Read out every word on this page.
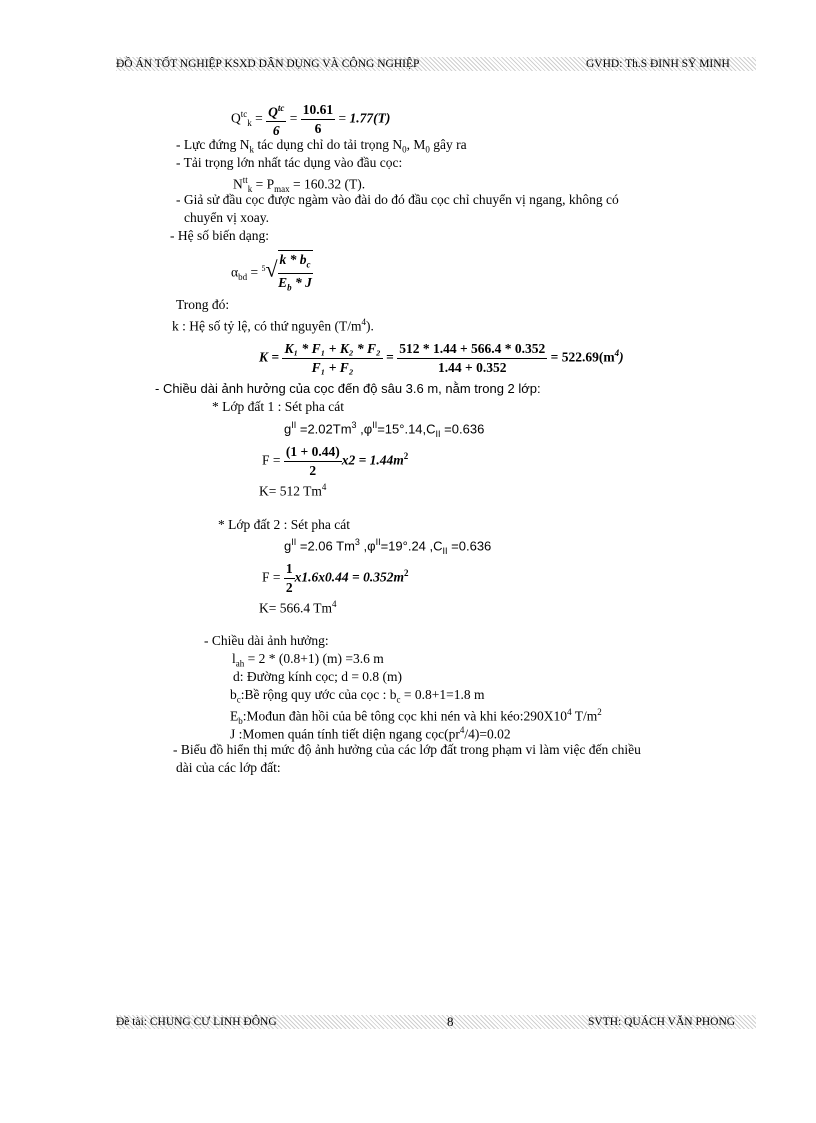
ĐỒ ÁN TỐT NGHIỆP KSXD DÂN DỤNG VÀ CÔNG NGHIỆP	GVHD: Th.S ĐINH SỸ MINH
$Q^{tc}_k = \frac{Q^{tc}}{6} = \frac{10.61}{6} = 1.77(T)$
- Lực đứng $N_k$ tác dụng chỉ do tải trọng $N_0$, $M_0$ gây ra
- Tải trọng lớn nhất tác dụng vào đầu cọc:
$N^{tt}_k = P_{max} = 160.32$ (T).
- Giả sử đầu cọc được ngàm vào đài do đó đầu cọc chỉ chuyển vị ngang, không có
chuyển vị xoay.
- Hệ số biến dạng:
$\alpha_{bd} = ^5√ \frac{k * b_c}{E_b * J}$
Trong đó:
k : Hệ số tỷ lệ, có thứ nguyên $(T/m^4)$.
$K = \frac{\text{K₁ * F₁ + K₂ * F₂}}{\text{F₁ + F₂}} = \frac{512 * 1.44 + 566.4 * 0.352}{1.44 + 0.352} = 522.69(m^4)$
- Chiều dài ảnh hưởng của cọc đến độ sâu 3.6 m, nằm trong 2 lớp:
* Lớp đất 1 : Sét pha cát
$g^{II} =2.02Tm^3$ $,\varphi^{II}=15^\circ.14,C_{II} =0.636$
$F = \frac{(1 + 0.44)}{2} x2 = 1.44m^2$
K= 512 Tm$^4$
* Lớp đất 2 : Sét pha cát
$g^{II} =2.06$ Tm$^3$ $,\varphi^{II}=19^\circ.24$ $,C_{II} =0.636$
$F = \frac{1}{2} x1.6x0.44 = 0.352m^2$
K= 566.4 Tm$^4$
- Chiều dài ảnh hưởng:
$l_{ah} = 2 * (0.8+1)$ (m) =3.6 m
d: Đường kính cọc; d = 0.8 (m)
$b_c:Bề$ rộng quy ước của cọc : $b_c = 0.8+1=1.8$ m
$E_b:Mođun$ đàn hồi của bê tông cọc khi nén và khi $kéo:290X10^4$ $T/m^2$
J :Momen quán tính tiết diện ngang $cọc(pr^4/4)=0.02$
- Biểu đồ hiển thị mức độ ảnh hưởng của các lớp đất trong phạm vi làm việc đến chiều
dài của các lớp đất:
Đề tài: CHUNG CƯ LINH ĐÔNG	8	SVTH: QUÁCH VĂN PHONG
